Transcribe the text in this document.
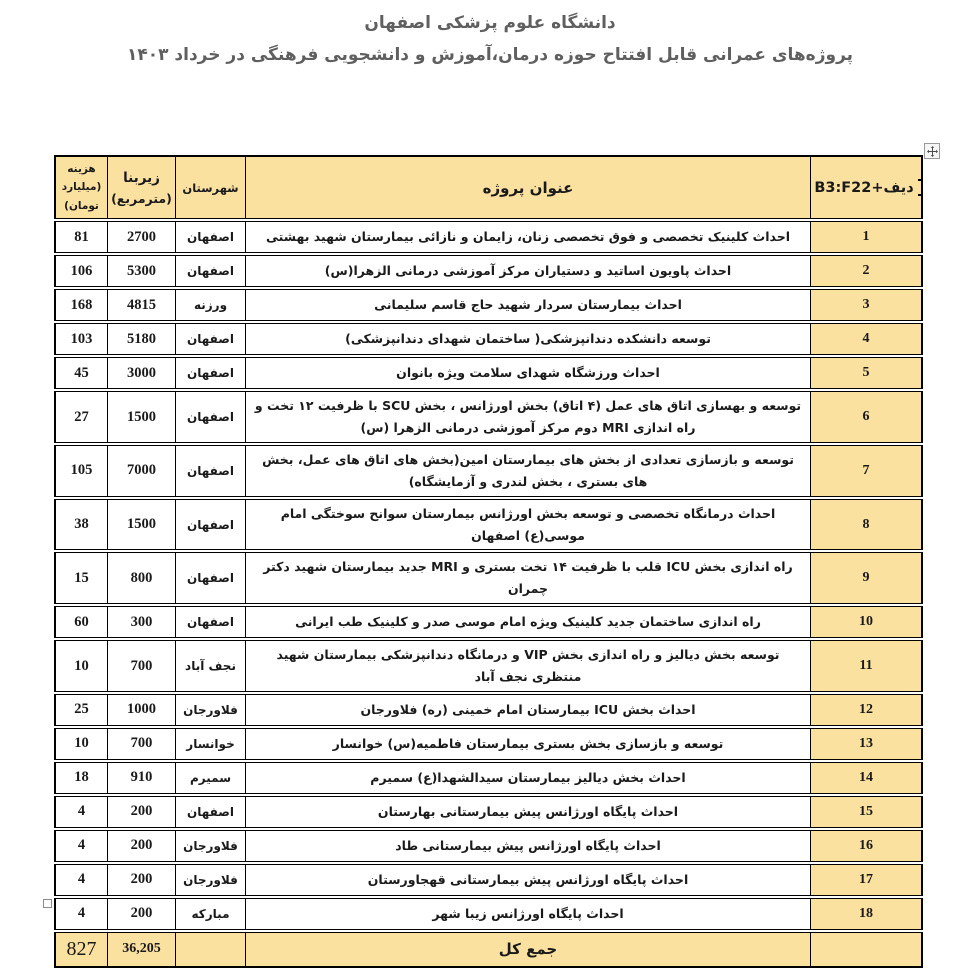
دانشگاه علوم پزشکی اصفهان
پروژه‌های عمرانی قابل افتتاح حوزه درمان،آموزش و دانشجویی فرهنگی در خرداد ۱۴۰۳
B3:F22+دیف
عنوان پروژه
شهرستان
زیربنا
(مترمربع)
هزینه
(میلیارد
تومان)
1
احداث کلینیک تخصصی و فوق تخصصی زنان، زایمان و نازائی بیمارستان شهید بهشتی
اصفهان
2700
81
2
احداث پاویون اساتید و دستیاران مرکز آموزشی درمانی الزهرا(س)
اصفهان
5300
106
3
احداث بیمارستان سردار شهید حاج قاسم سلیمانی
ورزنه
4815
168
4
توسعه دانشکده دندانپزشکی( ساختمان شهدای دندانپزشکی)
اصفهان
5180
103
5
احداث ورزشگاه شهدای سلامت ویژه بانوان
اصفهان
3000
45
6
توسعه و بهسازی اتاق های عمل (۴ اتاق) بخش اورژانس ، بخش SCU با ظرفیت ۱۲ تخت و راه اندازی MRI دوم مرکز آموزشی درمانی الزهرا (س)
اصفهان
1500
27
7
توسعه و بازسازی تعدادی از بخش های بیمارستان امین(بخش های اتاق های عمل، بخش های بستری ، بخش لندری و آزمایشگاه)
اصفهان
7000
105
8
احداث درمانگاه تخصصی و توسعه بخش اورژانس بیمارستان سوانح سوختگی امام موسی(ع) اصفهان
اصفهان
1500
38
9
راه اندازی بخش ICU قلب با ظرفیت ۱۴ تخت بستری و MRI جدید بیمارستان شهید دکتر چمران
اصفهان
800
15
10
راه اندازی ساختمان جدید کلینیک ویژه امام موسی صدر و کلینیک طب ایرانی
اصفهان
300
60
11
توسعه بخش دیالیز و راه اندازی بخش VIP و درمانگاه دندانپزشکی بیمارستان شهید منتظری نجف آباد
نجف آباد
700
10
12
احداث بخش ICU بیمارستان امام خمینی (ره) فلاورجان
فلاورجان
1000
25
13
توسعه و بازسازی بخش بستری بیمارستان فاطمیه(س) خوانسار
خوانسار
700
10
14
احداث بخش دیالیز بیمارستان سیدالشهدا(ع) سمیرم
سمیرم
910
18
15
احداث پایگاه اورژانس پیش بیمارستانی بهارستان
اصفهان
200
4
16
احداث پایگاه اورژانس پیش بیمارستانی طاد
فلاورجان
200
4
17
احداث پایگاه اورژانس پیش بیمارستانی قهجاورستان
فلاورجان
200
4
18
احداث پایگاه اورژانس زیبا شهر
مبارکه
200
4
جمع کل
36,205
827
